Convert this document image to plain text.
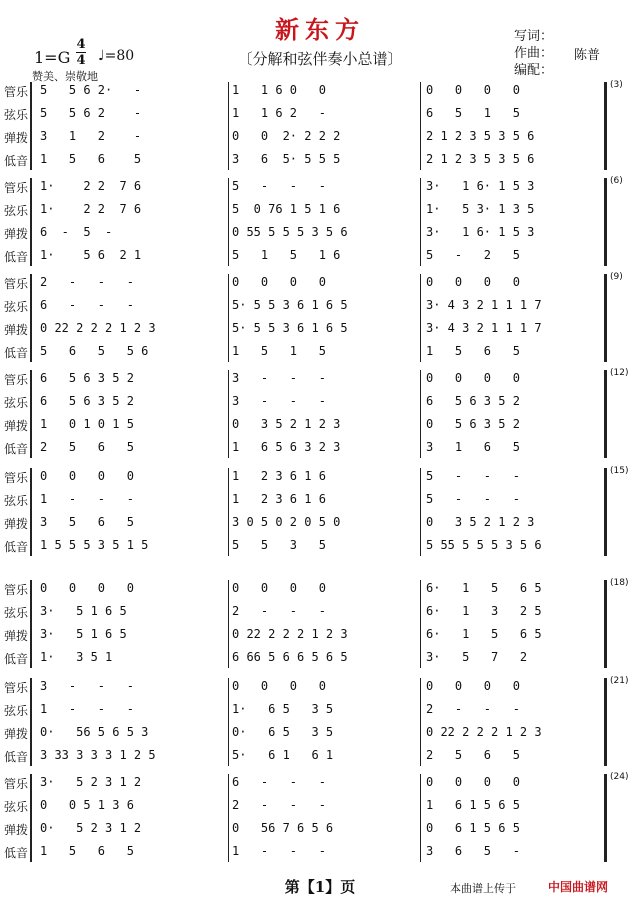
新东方
〔分解和弦伴奏小总谱〕
写词：
作曲：
编配：
陈普
1=G
4
4 ♩=80
赞美、崇敬地
(3)
管乐 5   5 6 2·   -	1   1 6 0   0	0   0   0   0
弦乐 5   5 6 2    -	1   1 6 2   -	6   5   1   5
弹拨 3   1   2    -	0   0  2· 2 2 2	2 1 2 3 5 3 5 6
低音 1   5   6    5	3   6  5· 5 5 5	2 1 2 3 5 3 5 6
(6)
管乐 1·    2 2  7 6	5   -   -   -	3·   1 6· 1 5 3
弦乐 1·    2 2  7 6	5  0 76 1 5 1 6	1·   5 3· 1 3 5
弹拨 6  -  5  -	0 55 5 5 5 3 5 6	3·   1 6· 1 5 3
低音 1·    5 6  2 1	5   1   5   1 6	5   -   2   5
(9)
管乐 2   -   -   -	0   0   0   0	0   0   0   0
弦乐 6   -   -   -	5· 5 5 3 6 1 6 5	3· 4 3 2 1 1 1 7
弹拨 0 22 2 2 2 1 2 3	5· 5 5 3 6 1 6 5	3· 4 3 2 1 1 1 7
低音 5   6   5   5 6	1   5   1   5	1   5   6   5
(12)
管乐 6   5 6 3 5 2	3   -   -   -	0   0   0   0
弦乐 6   5 6 3 5 2	3   -   -   -	6   5 6 3 5 2
弹拨 1   0 1 0 1 5	0   3 5 2 1 2 3	0   5 6 3 5 2
低音 2   5   6   5	1   6 5 6 3 2 3	3   1   6   5
(15)
管乐 0   0   0   0	1   2 3 6 1 6	5   -   -   -
弦乐 1   -   -   -	1   2 3 6 1 6	5   -   -   -
弹拨 3   5   6   5	3 0 5 0 2 0 5 0	0   3 5 2 1 2 3
低音 1 5 5 5 3 5 1 5	5   5   3   5	5 55 5 5 5 3 5 6
(18)
管乐 0   0   0   0	0   0   0   0	6·   1   5   6 5
弦乐 3·   5 1 6 5	2   -   -   -	6·   1   3   2 5
弹拨 3·   5 1 6 5	0 22 2 2 2 1 2 3	6·   1   5   6 5
低音 1·   3 5 1	6 66 5 6 6 5 6 5	3·   5   7   2
(21)
管乐 3   -   -   -	0   0   0   0	0   0   0   0
弦乐 1   -   -   -	1·   6 5   3 5	2   -   -   -
弹拨 0·   56 5 6 5 3	0·   6 5   3 5	0 22 2 2 2 1 2 3
低音 3 33 3 3 3 1 2 5	5·   6 1   6 1	2   5   6   5
(24)
管乐 3·   5 2 3 1 2	6   -   -   -	0   0   0   0
弦乐 0   0 5 1 3 6	2   -   -   -	1   6 1 5 6 5
弹拨 0·   5 2 3 1 2	0   56 7 6 5 6	0   6 1 5 6 5
低音 1   5   6   5	1   -   -   -	3   6   5   -
第【1】页	本曲谱上传于	中国曲谱网
